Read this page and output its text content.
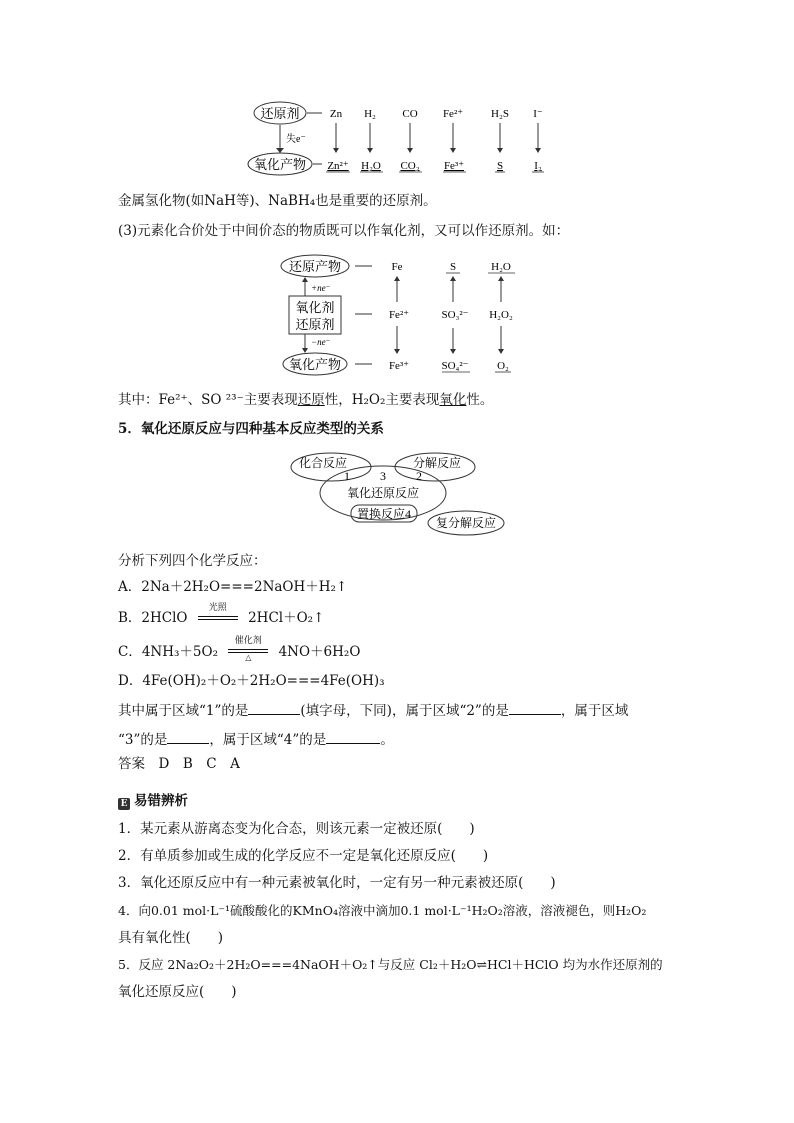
还原剂
氧化产物
失e⁻
Zn H₂ CO Fe²⁺	H₂S I⁻
Zn²⁺ H₂O CO₂ Fe³⁺	S	I₂
金属氢化物(如NaH等)、NaBH₄也是重要的还原剂。
(3)元素化合价处于中间价态的物质既可以作氧化剂，又可以作还原剂。如：
还原产物
氧化剂
还原剂
氧化产物
+ne⁻
−ne⁻
Fe	S	H₂O
Fe²⁺	SO₃²⁻ H₂O₂
Fe³⁺	SO₄²⁻	O₂
其中：Fe²⁺、SO ²³⁻主要表现还原性，H₂O₂主要表现氧化性。
5．氧化还原反应与四种基本反应类型的关系
化合反应	分解反应
1	3	2
氧化还原反应
置换反应4
复分解反应
分析下列四个化学反应：
A．2Na＋2H₂O===2NaOH＋H₂↑
B．2HClO
光照
2HCl＋O₂↑
C．4NH₃＋5O₂
催化剂
△	4NO＋6H₂O
D．4Fe(OH)₂＋O₂＋2H₂O===4Fe(OH)₃
其中属于区域“1”的是	(填字母，下同)，属于区域“2”的是	，属于区域
“3”的是	，属于区域“4”的是	。
答案　D　B　C　A
E 易错辨析
1．某元素从游离态变为化合态，则该元素一定被还原(　　)
2．有单质参加或生成的化学反应不一定是氧化还原反应(　　)
3．氧化还原反应中有一种元素被氧化时，一定有另一种元素被还原(　　)
4．向0.01 mol·L⁻¹硫酸酸化的KMnO₄溶液中滴加0.1 mol·L⁻¹H₂O₂溶液，溶液褪色，则H₂O₂
具有氧化性(　　)
5．反应 2Na₂O₂＋2H₂O===4NaOH＋O₂↑与反应 Cl₂＋H₂O⇌HCl＋HClO 均为水作还原剂的
氧化还原反应(　　)
